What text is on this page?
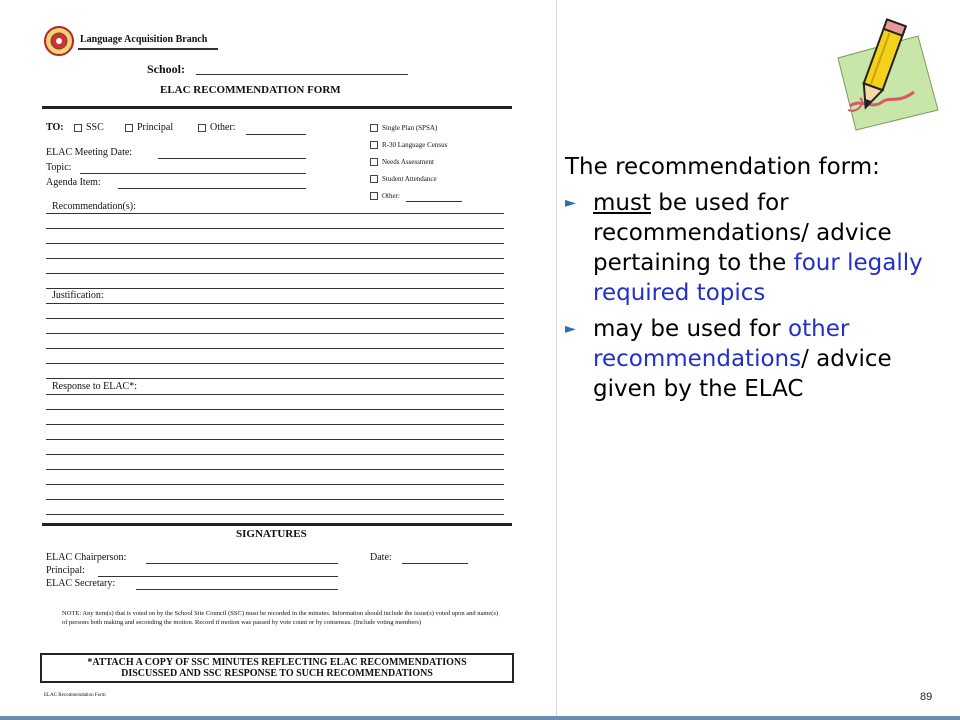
Language Acquisition Branch
School:
ELAC RECOMMENDATION FORM
TO:	SSC	Principal	Other:
ELAC Meeting Date:
Topic:
Agenda Item:
Single Plan (SPSA)
R-30 Language Census
Needs Assessment
Student Attendance
Other:
Recommendation(s):
Justification:
Response to ELAC*:
SIGNATURES
ELAC Chairperson:	Date:
Principal:
ELAC Secretary:
NOTE: Any item(s) that is voted on by the School Site Council (SSC) must be recorded in the minutes. Information should include the issue(s) voted upon and name(s) of persons both making and seconding the motion. Record if motion was passed by vote count or by consensus. (Include voting members)
*ATTACH A COPY OF SSC MINUTES REFLECTING ELAC RECOMMENDATIONS
DISCUSSED AND SSC RESPONSE TO SUCH RECOMMENDATIONS
ELAC Recommendation Form

The recommendation form:

► must be used for recommendations/ advice pertaining to the four legally required topics
► may be used for other recommendations/ advice given by the ELAC
89
